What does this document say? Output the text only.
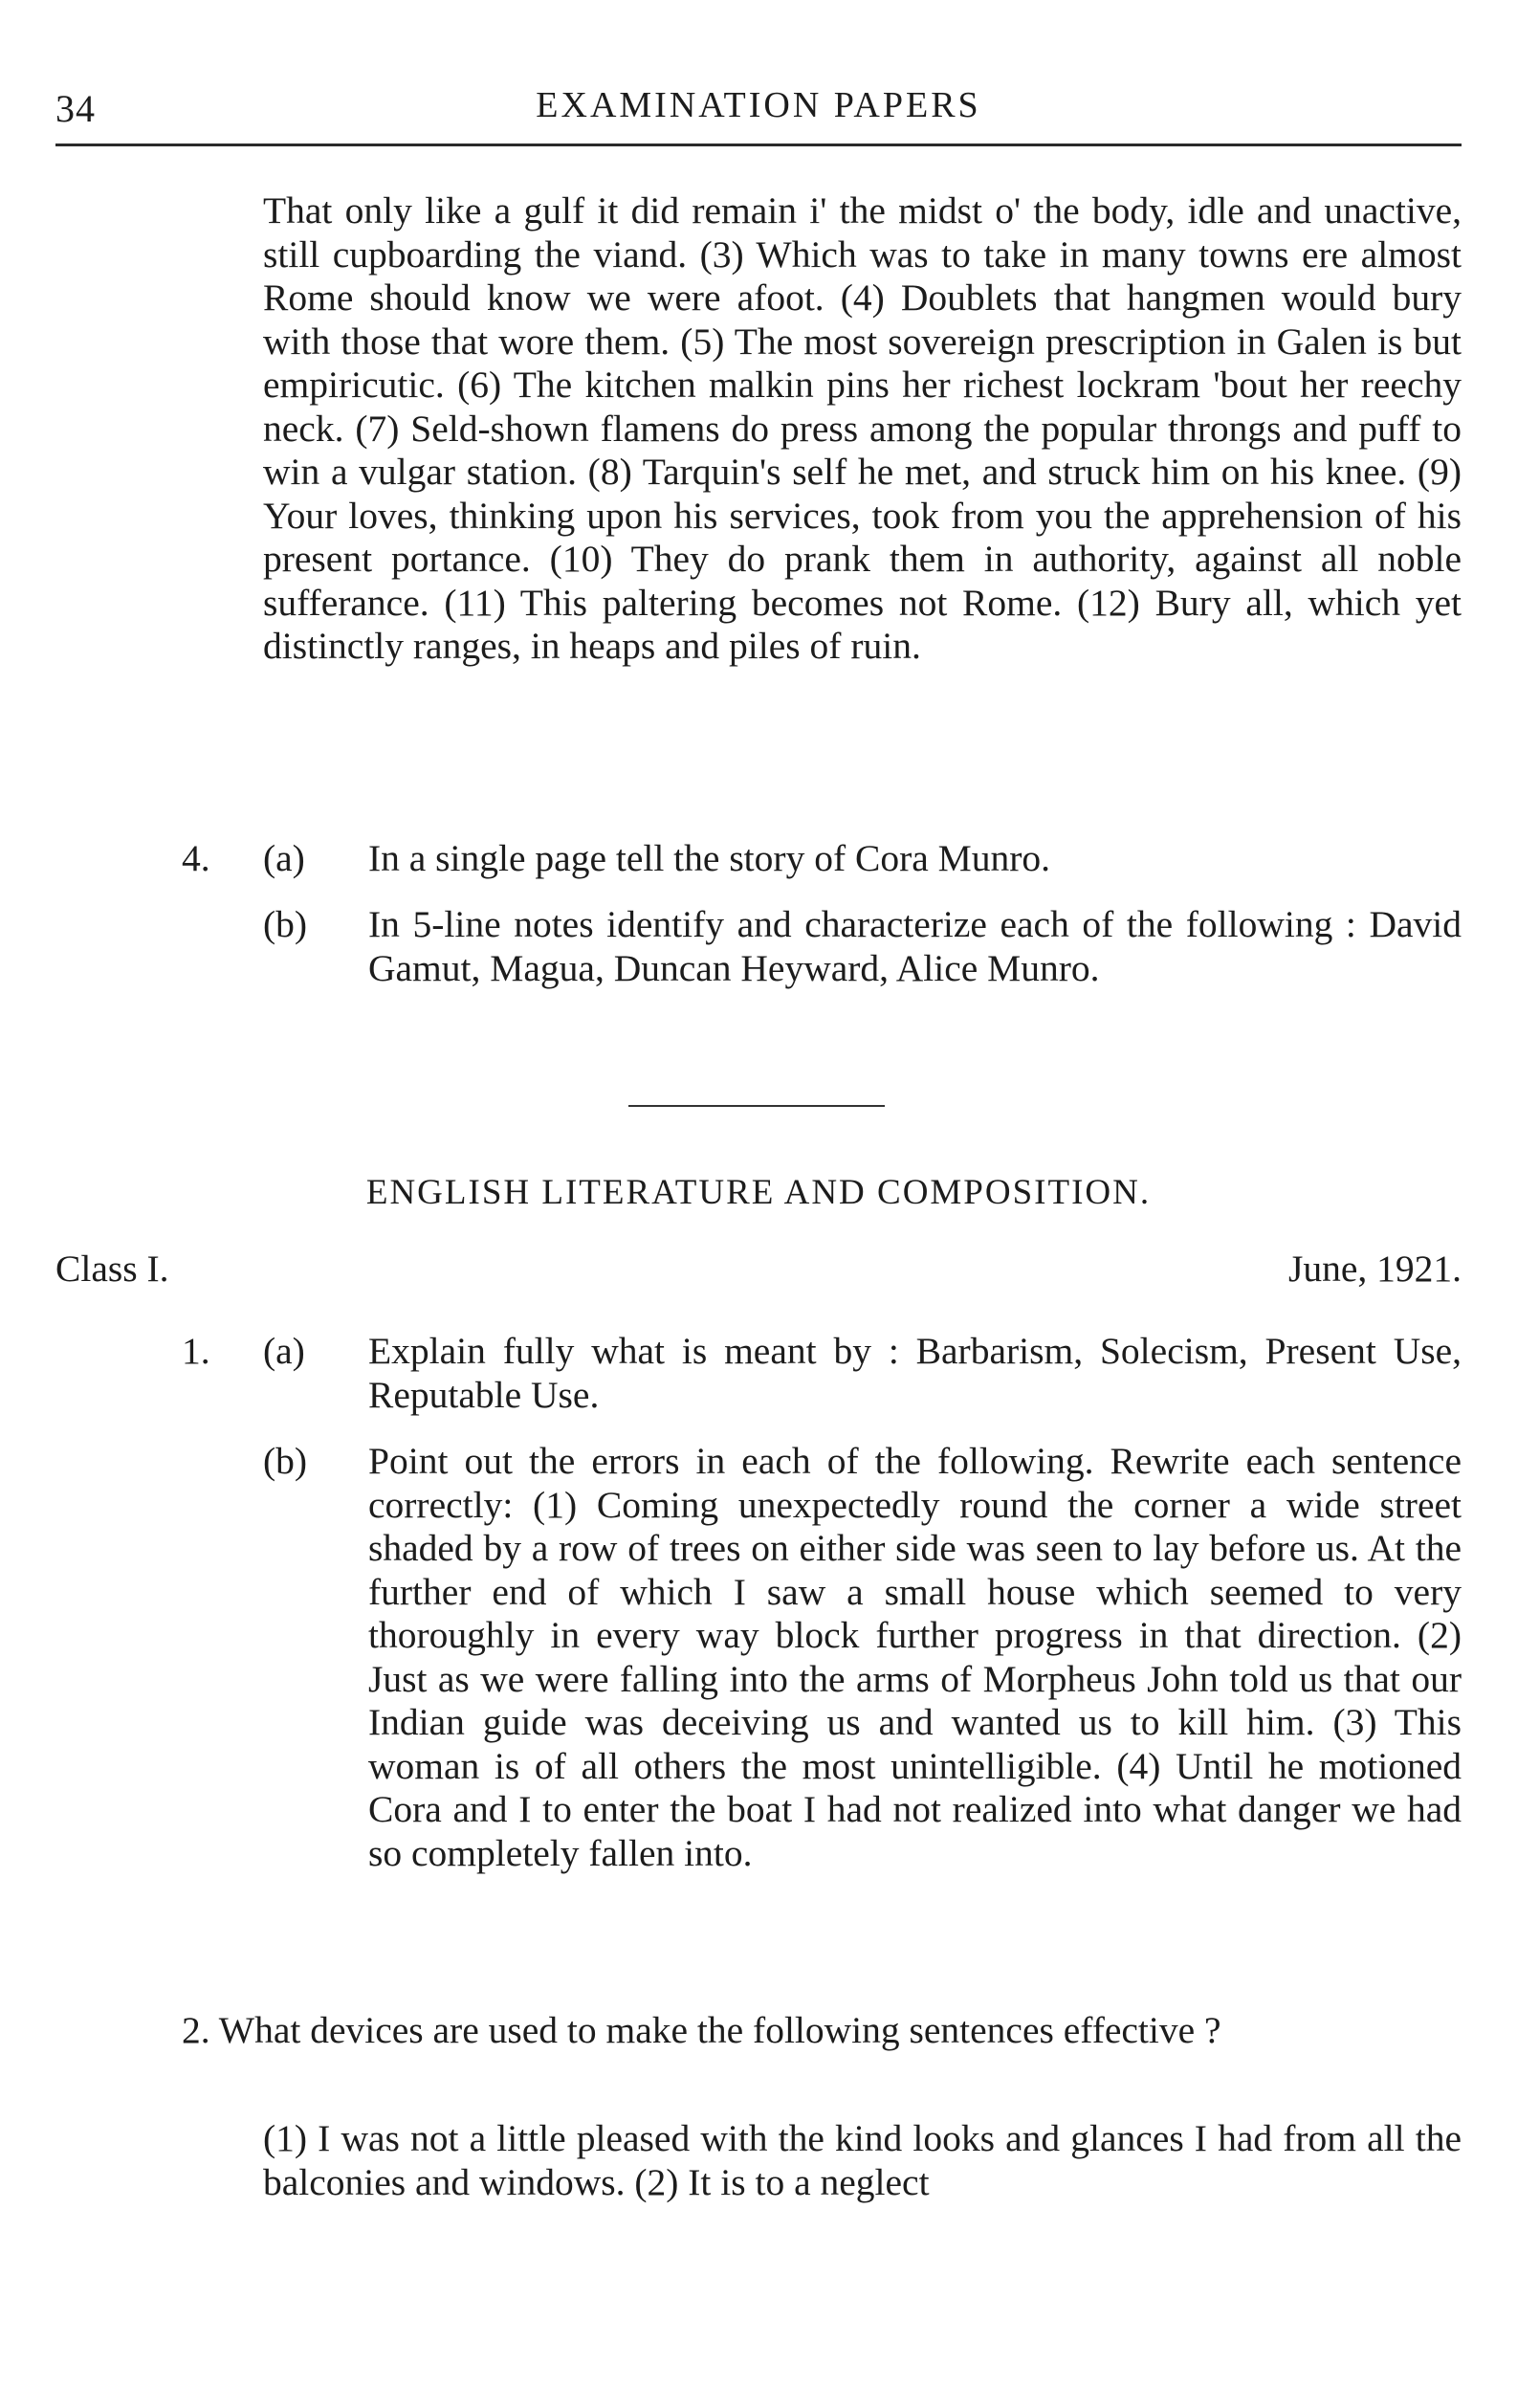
34	EXAMINATION PAPERS
That only like a gulf it did remain i' the midst o' the body, idle and unactive, still cupboarding the viand. (3) Which was to take in many towns ere almost Rome should know we were afoot. (4) Doublets that hangmen would bury with those that wore them. (5) The most sovereign prescription in Galen is but empiricutic. (6) The kitchen malkin pins her richest lockram 'bout her reechy neck. (7) Seld-shown flamens do press among the popular throngs and puff to win a vulgar station. (8) Tarquin's self he met, and struck him on his knee. (9) Your loves, thinking upon his services, took from you the apprehension of his present portance. (10) They do prank them in authority, against all noble sufferance. (11) This paltering becomes not Rome. (12) Bury all, which yet distinctly ranges, in heaps and piles of ruin.
4. (a) In a single page tell the story of Cora Munro.
(b) In 5-line notes identify and characterize each of the following : David Gamut, Magua, Duncan Heyward, Alice Munro.
ENGLISH LITERATURE AND COMPOSITION.
Class I.	June, 1921.
1. (a) Explain fully what is meant by : Barbarism, Solecism, Present Use, Reputable Use.
(b) Point out the errors in each of the following. Rewrite each sentence correctly: (1) Coming unexpectedly round the corner a wide street shaded by a row of trees on either side was seen to lay before us. At the further end of which I saw a small house which seemed to very thoroughly in every way block further progress in that direction. (2) Just as we were falling into the arms of Morpheus John told us that our Indian guide was deceiving us and wanted us to kill him. (3) This woman is of all others the most unintelligible. (4) Until he motioned Cora and I to enter the boat I had not realized into what danger we had so completely fallen into.
2. What devices are used to make the following sentences effective ?
(1) I was not a little pleased with the kind looks and glances I had from all the balconies and windows. (2) It is to a neglect
